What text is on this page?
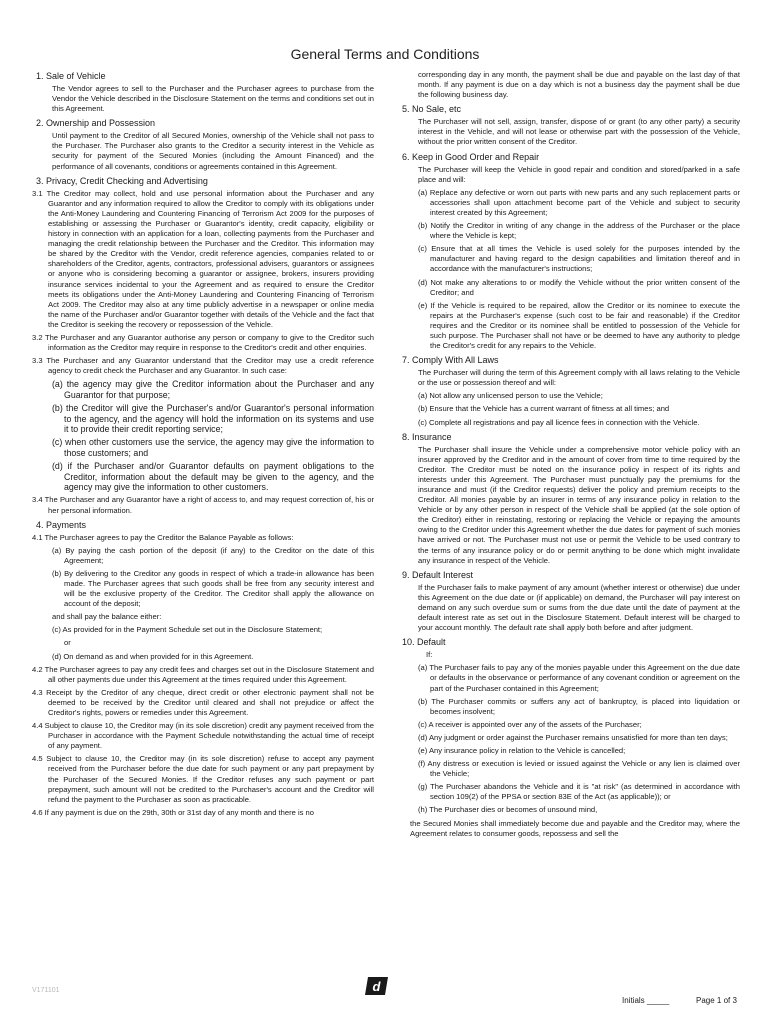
General Terms and Conditions
1. Sale of Vehicle
The Vendor agrees to sell to the Purchaser and the Purchaser agrees to purchase from the Vendor the Vehicle described in the Disclosure Statement on the terms and conditions set out in this Agreement.
2. Ownership and Possession
Until payment to the Creditor of all Secured Monies, ownership of the Vehicle shall not pass to the Purchaser. The Purchaser also grants to the Creditor a security interest in the Vehicle as security for payment of the Secured Monies (including the Amount Financed) and the performance of all covenants, conditions or agreements contained in this Agreement.
3. Privacy, Credit Checking and Advertising
3.1 The Creditor may collect, hold and use personal information about the Purchaser and any Guarantor and any information required to allow the Creditor to comply with its obligations under the Anti-Money Laundering and Countering Financing of Terrorism Act 2009 for the purposes of establishing or assessing the Purchaser or Guarantor's identity, credit capacity, eligibility or history in connection with an application for a loan, collecting payments from the Purchaser and managing the credit relationship between the Purchaser and the Creditor. This information may be shared by the Creditor with the Vendor, credit reference agencies, companies related to or shareholders of the Creditor, agents, contractors, professional advisers, guarantors or assignees or anyone who is considering becoming a guarantor or assignee, brokers, insurers providing insurance services incidental to your the Agreement and as required to ensure the Creditor meets its obligations under the Anti-Money Laundering and Countering Financing of Terrorism Act 2009. The Creditor may also at any time publicly advertise in a newspaper or online media the name of the Purchaser and/or Guarantor together with details of the Vehicle and the fact that the Creditor is seeking the recovery or repossession of the Vehicle.
3.2 The Purchaser and any Guarantor authorise any person or company to give to the Creditor such information as the Creditor may require in response to the Creditor's credit and other enquiries.
3.3 The Purchaser and any Guarantor understand that the Creditor may use a credit reference agency to credit check the Purchaser and any Guarantor. In such case:
(a) the agency may give the Creditor information about the Purchaser and any Guarantor for that purpose;
(b) the Creditor will give the Purchaser's and/or Guarantor's personal information to the agency, and the agency will hold the information on its systems and use it to provide their credit reporting service;
(c) when other customers use the service, the agency may give the information to those customers; and
(d) if the Purchaser and/or Guarantor defaults on payment obligations to the Creditor, information about the default may be given to the agency, and the agency may give the information to other customers.
3.4 The Purchaser and any Guarantor have a right of access to, and may request correction of, his or her personal information.
4. Payments
4.1 The Purchaser agrees to pay the Creditor the Balance Payable as follows:
(a) By paying the cash portion of the deposit (if any) to the Creditor on the date of this Agreement;
(b) By delivering to the Creditor any goods in respect of which a trade-in allowance has been made. The Purchaser agrees that such goods shall be free from any security interest and will be the exclusive property of the Creditor. The Creditor shall apply the allowance on account of the deposit;
and shall pay the balance either:
(c) As provided for in the Payment Schedule set out in the Disclosure Statement;
or
(d) On demand as and when provided for in this Agreement.
4.2 The Purchaser agrees to pay any credit fees and charges set out in the Disclosure Statement and all other payments due under this Agreement at the times required under this Agreement.
4.3 Receipt by the Creditor of any cheque, direct credit or other electronic payment shall not be deemed to be received by the Creditor until cleared and shall not prejudice or affect the Creditor's rights, powers or remedies under this Agreement.
4.4 Subject to clause 10, the Creditor may (in its sole discretion) credit any payment received from the Purchaser in accordance with the Payment Schedule notwithstanding the actual time of receipt of any payment.
4.5 Subject to clause 10, the Creditor may (in its sole discretion) refuse to accept any payment received from the Purchaser before the due date for such payment or any part prepayment by the Purchaser of the Secured Monies. If the Creditor refuses any such payment or part prepayment, such amount will not be credited to the Purchaser's account and the Creditor will refund the payment to the Purchaser as soon as practicable.
4.6 If any payment is due on the 29th, 30th or 31st day of any month and there is no
corresponding day in any month, the payment shall be due and payable on the last day of that month. If any payment is due on a day which is not a business day the payment shall be due the following business day.
5. No Sale, etc
The Purchaser will not sell, assign, transfer, dispose of or grant (to any other party) a security interest in the Vehicle, and will not lease or otherwise part with the possession of the Vehicle, without the prior written consent of the Creditor.
6. Keep in Good Order and Repair
The Purchaser will keep the Vehicle in good repair and condition and stored/parked in a safe place and will:
(a) Replace any defective or worn out parts with new parts and any such replacement parts or accessories shall upon attachment become part of the Vehicle and subject to security interest created by this Agreement;
(b) Notify the Creditor in writing of any change in the address of the Purchaser or the place where the Vehicle is kept;
(c) Ensure that at all times the Vehicle is used solely for the purposes intended by the manufacturer and having regard to the design capabilities and limitation thereof and in accordance with the manufacturer's instructions;
(d) Not make any alterations to or modify the Vehicle without the prior written consent of the Creditor; and
(e) If the Vehicle is required to be repaired, allow the Creditor or its nominee to execute the repairs at the Purchaser's expense (such cost to be fair and reasonable) if the Creditor requires and the Creditor or its nominee shall be entitled to possession of the Vehicle for such purpose. The Purchaser shall not have or be deemed to have any authority to pledge the Creditor's credit for any repairs to the Vehicle.
7. Comply With All Laws
The Purchaser will during the term of this Agreement comply with all laws relating to the Vehicle or the use or possession thereof and will:
(a) Not allow any unlicensed person to use the Vehicle;
(b) Ensure that the Vehicle has a current warrant of fitness at all times; and
(c) Complete all registrations and pay all licence fees in connection with the Vehicle.
8. Insurance
The Purchaser shall insure the Vehicle under a comprehensive motor vehicle policy with an insurer approved by the Creditor and in the amount of cover from time to time required by the Creditor. The Creditor must be noted on the insurance policy in respect of its rights and interests under this Agreement. The Purchaser must punctually pay the premiums for the insurance and must (if the Creditor requests) deliver the policy and premium receipts to the Creditor. All monies payable by an insurer in terms of any insurance policy in relation to the Vehicle or by any other person in respect of the Vehicle shall be applied (at the sole option of the Creditor) either in reinstating, restoring or replacing the Vehicle or repaying the amounts owing to the Creditor under this Agreement whether the due dates for payment of such monies have arrived or not. The Purchaser must not use or permit the Vehicle to be used contrary to the terms of any insurance policy or do or permit anything to be done which might invalidate any insurance in respect of the Vehicle.
9. Default Interest
If the Purchaser fails to make payment of any amount (whether interest or otherwise) due under this Agreement on the due date or (if applicable) on demand, the Purchaser will pay interest on demand on any such overdue sum or sums from the due date until the date of payment at the default interest rate as set out in the Disclosure Statement. Default interest will be charged to your account monthly. The default rate shall apply both before and after judgment.
10. Default
If:
(a) The Purchaser fails to pay any of the monies payable under this Agreement on the due date or defaults in the observance or performance of any covenant condition or agreement on the part of the Purchaser contained in this Agreement;
(b) The Purchaser commits or suffers any act of bankruptcy, is placed into liquidation or becomes insolvent;
(c) A receiver is appointed over any of the assets of the Purchaser;
(d) Any judgment or order against the Purchaser remains unsatisfied for more than ten days;
(e) Any insurance policy in relation to the Vehicle is cancelled;
(f) Any distress or execution is levied or issued against the Vehicle or any lien is claimed over the Vehicle;
(g) The Purchaser abandons the Vehicle and it is "at risk" (as determined in accordance with section 109(2) of the PPSA or section 83E of the Act (as applicable)); or
(h) The Purchaser dies or becomes of unsound mind,
the Secured Monies shall immediately become due and payable and the Creditor may, where the Agreement relates to consumer goods, repossess and sell the
V171101	d
Initials _____	Page 1 of 3
